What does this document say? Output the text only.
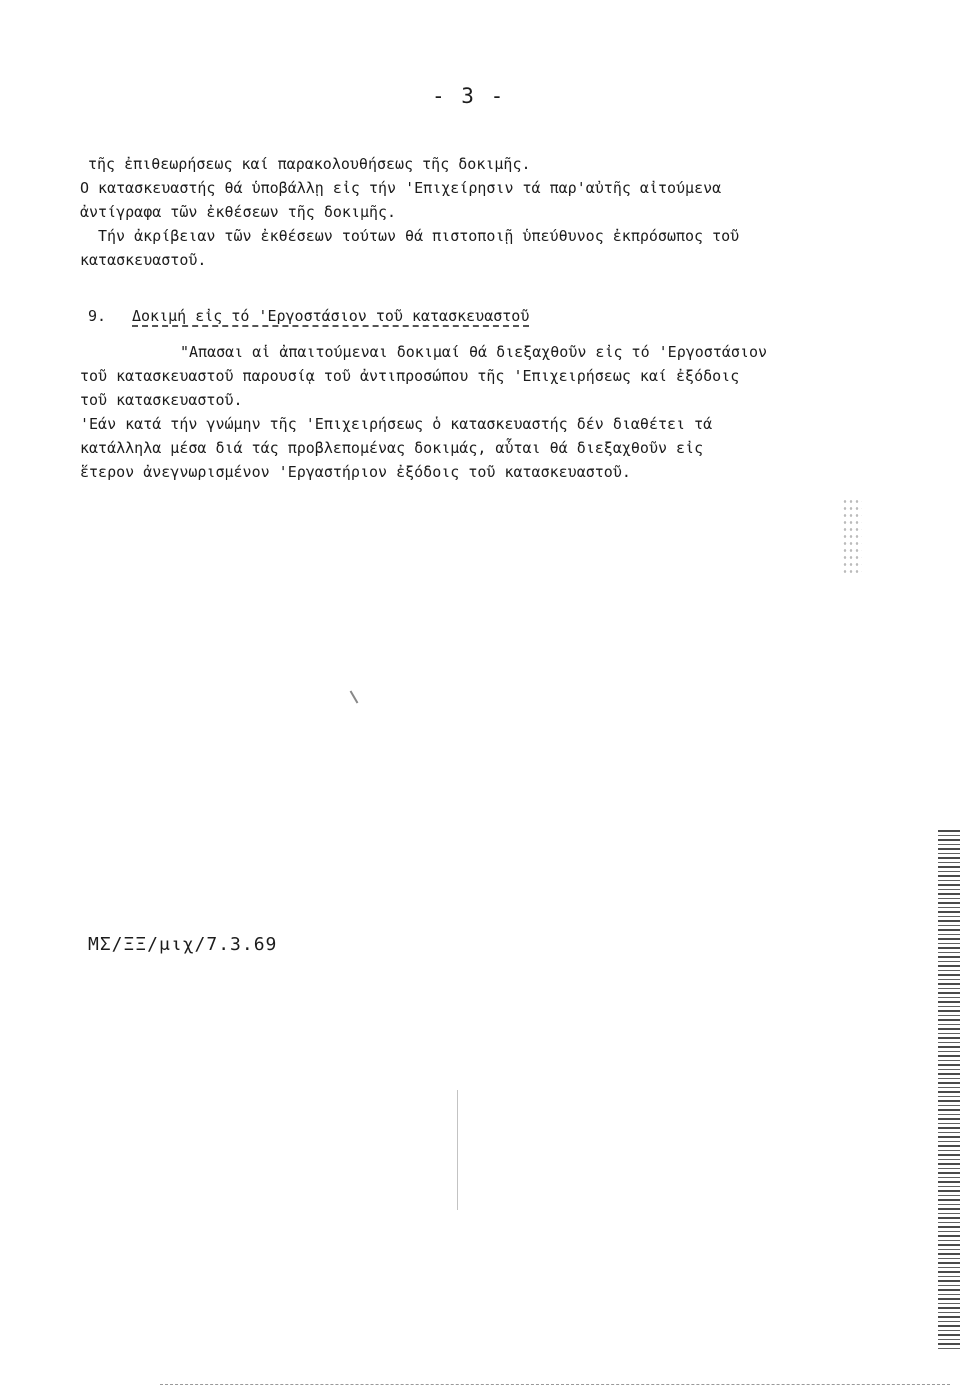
- 3 -
τῆς ἐπιθεωρήσεως καί παρακολουθήσεως τῆς δοκιμῆς.
Ο κατασκευαστής θά ὑποβάλλῃ εἰς τήν 'Επιχείρησιν τά παρ'αὐτῆς αἰτούμενα
ἀντίγραφα τῶν ἐκθέσεων τῆς δοκιμῆς.
Τήν ἀκρίβειαν τῶν ἐκθέσεων τούτων θά πιστοποιῇ ὑπεύθυνος ἐκπρόσωπος τοῦ
κατασκευαστοῦ.
9. Δοκιμή εἰς τό 'Εργοστάσιον τοῦ κατασκευαστοῦ
"Απασαι αἱ ἀπαιτούμεναι δοκιμαί θά διεξαχθοῦν εἰς τό 'Εργοστάσιον
τοῦ κατασκευαστοῦ παρουσίᾳ τοῦ ἀντιπροσώπου τῆς 'Επιχειρήσεως καί ἐξόδοις
τοῦ κατασκευαστοῦ.
'Εάν κατά τήν γνώμην τῆς 'Επιχειρήσεως ὁ κατασκευαστής δέν διαθέτει τά
κατάλληλα μέσα διά τάς προβλεπομένας δοκιμάς, αὗται θά διεξαχθοῦν εἰς
ἕτερον ἀνεγνωρισμένον 'Εργαστήριον ἐξόδοις τοῦ κατασκευαστοῦ.
ΜΣ/ΞΞ/μιχ/7.3.69
